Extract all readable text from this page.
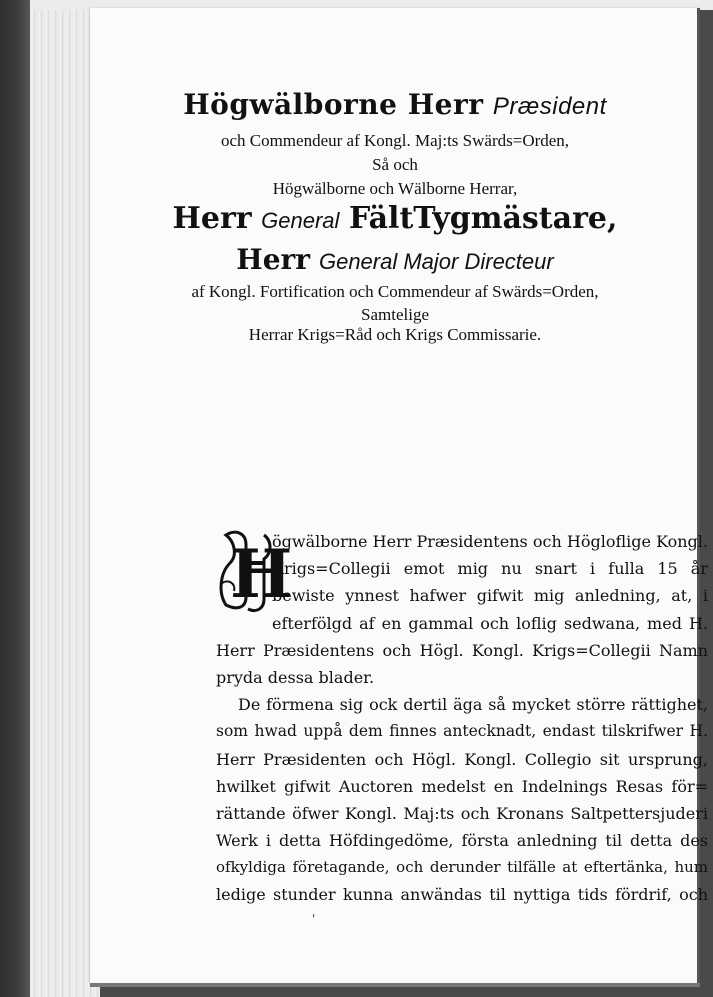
Högwälborne Herr Præsident
och Commendeur af Kongl. Maj:ts Swärds=Orden,
Så och
Högwälborne och Wälborne Herrar,
Herr General FältTygmästare,
Herr General Major Directeur
af Kongl. Fortification och Commendeur af Swärds=Orden,
Samtelige
Herrar Krigs=Råd och Krigs Commissarie.
H
ögwälborne Herr Præsidentens och Högloflige Kongl.
Krigs=Collegii emot mig nu snart i fulla 15 år
bewiste ynnest hafwer gifwit mig anledning, at, i
efterfölgd af en gammal och loflig sedwana, med H.
Herr Præsidentens och Högl. Kongl. Krigs=Collegii Namn
pryda dessa blader.
De förmena sig ock dertil äga så mycket större rättighet,
som hwad uppå dem finnes antecknadt, endast tilskrifwer H.
Herr Præsidenten och Högl. Kongl. Collegio sit ursprung,
hwilket gifwit Auctoren medelst en Indelnings Resas för=
rättande öfwer Kongl. Maj:ts och Kronans Saltpettersjuderi
Werk i detta Höfdingedöme, första anledning til detta des
ofkyldiga företagande, och derunder tilfälle at eftertänka, hum
ledige stunder kunna anwändas til nyttiga tids fördrif, och
'
